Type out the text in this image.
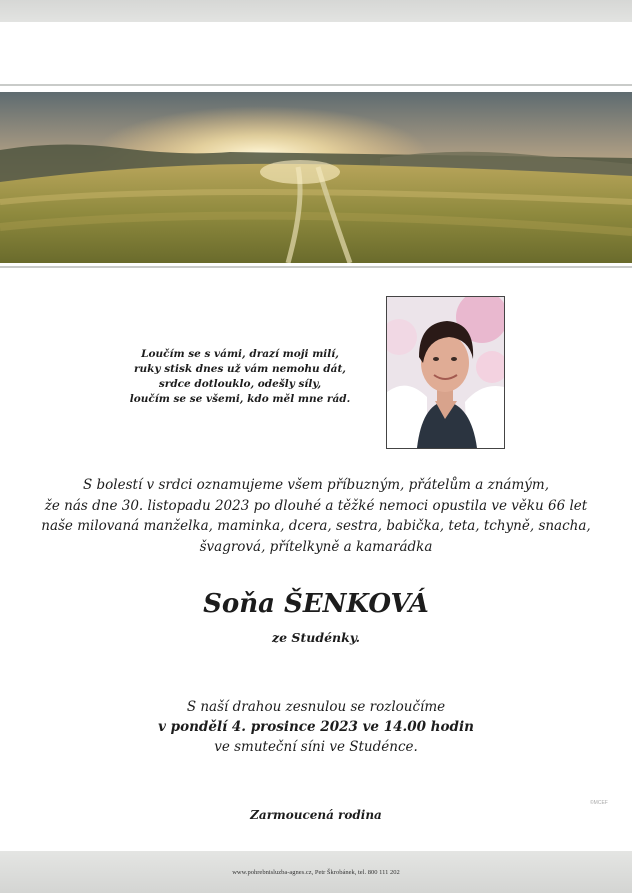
Loučím se s vámi, drazí moji milí,
ruky stisk dnes už vám nemohu dát,
srdce dotlouklo, odešly síly,
loučím se se všemi, kdo měl mne rád.
S bolestí v srdci oznamujeme všem příbuzným, přátelům a známým,
že nás dne 30. listopadu 2023 po dlouhé a těžké nemoci opustila ve věku 66 let
naše milovaná manželka, maminka, dcera, sestra, babička, teta, tchyně, snacha,
švagrová, přítelkyně a kamarádka
Soňa ŠENKOVÁ
ze Studénky.
S naší drahou zesnulou se rozloučíme
v pondělí 4. prosince 2023 ve 14.00 hodin
ve smuteční síni ve Studénce.
Zarmoucená rodina
©MCEF
www.pohrebnisluzba-agnes.cz, Petr Škrobánek, tel. 800 111 202
